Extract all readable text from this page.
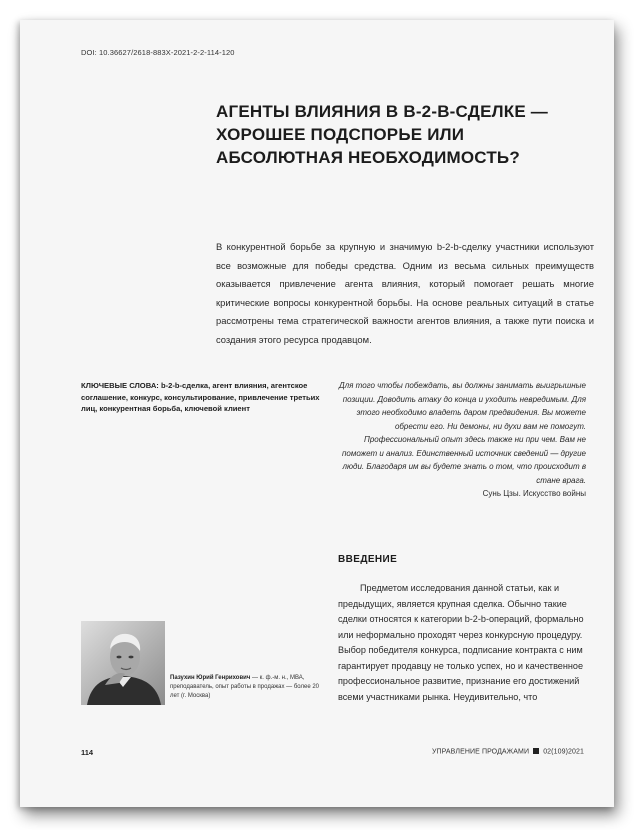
DOI: 10.36627/2618-883X-2021-2-2-114-120
АГЕНТЫ ВЛИЯНИЯ В B-2-B-СДЕЛКЕ — ХОРОШЕЕ ПОДСПОРЬЕ ИЛИ АБСОЛЮТНАЯ НЕОБХОДИМОСТЬ?

В конкурентной борьбе за крупную и значимую b-2-b-сделку участники используют все возможные для победы средства. Одним из весьма сильных преимуществ оказывается привлечение агента влияния, который помогает решать многие критические вопросы конкурентной борьбы. На основе реальных ситуаций в статье рассмотрены тема стратегической важности агентов влияния, а также пути поиска и создания этого ресурса продавцом.

КЛЮЧЕВЫЕ СЛОВА: b-2-b-сделка, агент влияния, агентское соглашение, конкурс, консультирование, привлечение третьих лиц, конкурентная борьба, ключевой клиент

Для того чтобы побеждать, вы должны занимать выигрышные позиции. Доводить атаку до конца и уходить невредимым. Для этого необходимо владеть даром предвидения. Вы можете обрести его. Ни демоны, ни духи вам не помогут. Профессиональный опыт здесь также ни при чем. Вам не поможет и анализ. Единственный источник сведений — другие люди. Благодаря им вы будете знать о том, что происходит в стане врага.

Сунь Цзы. Искусство войны

ВВЕДЕНИЕ

Предметом исследования данной статьи, как и предыдущих, является крупная сделка. Обычно такие сделки относятся к категории b-2-b-операций, формально или неформально проходят через конкурсную процедуру. Выбор победителя конкурса, подписание контракта с ним гарантирует продавцу не только успех, но и качественное профессиональное развитие, признание его достижений всеми участниками рынка. Неудивительно, что

Пазухин Юрий Генрихович — к. ф.-м. н., МВА, преподаватель, опыт работы в продажах — более 20 лет (г. Москва)

114	УПРАВЛЕНИЕ ПРОДАЖАМИ 02(109)2021
